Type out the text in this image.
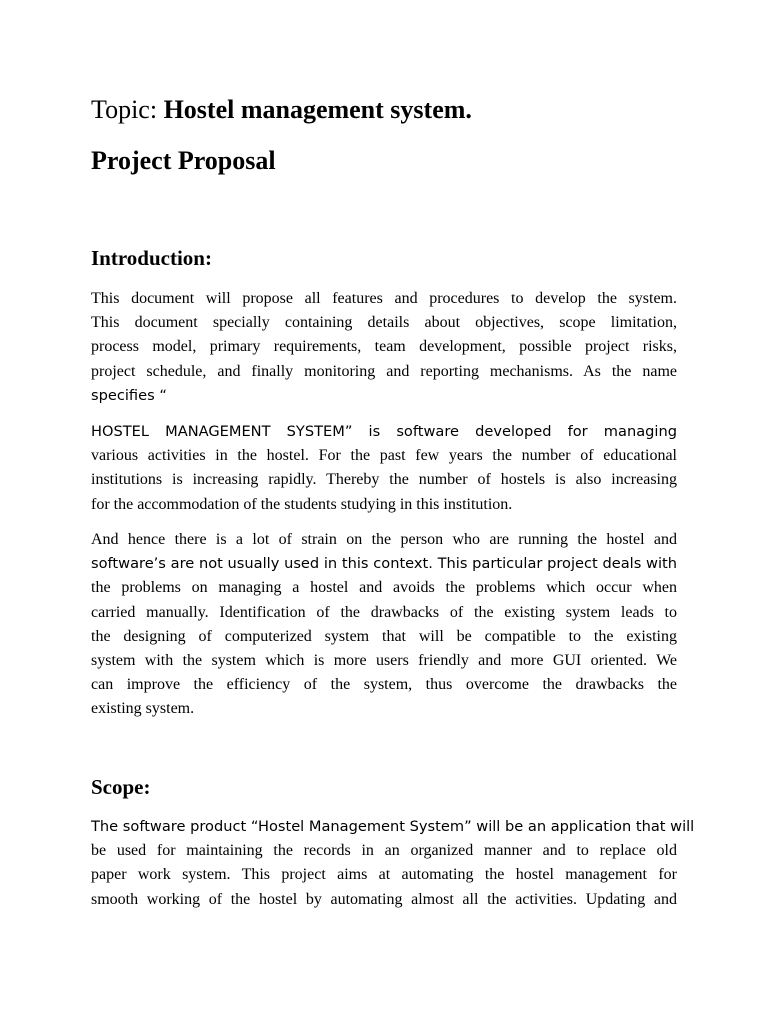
Topic: Hostel management system.
Project Proposal
Introduction:
This document will propose all features and procedures to develop the system.
This document specially containing details about objectives, scope limitation,
process model, primary requirements, team development, possible project risks,
project schedule, and finally monitoring and reporting mechanisms. As the name
specifies “
HOSTEL MANAGEMENT SYSTEM” is software developed for managing
various activities in the hostel. For the past few years the number of educational
institutions is increasing rapidly. Thereby the number of hostels is also increasing
for the accommodation of the students studying in this institution.
And hence there is a lot of strain on the person who are running the hostel and
software’s are not usually used in this context. This particular project deals with
the problems on managing a hostel and avoids the problems which occur when
carried manually. Identification of the drawbacks of the existing system leads to
the designing of computerized system that will be compatible to the existing
system with the system which is more users friendly and more GUI oriented. We
can improve the efficiency of the system, thus overcome the drawbacks the
existing system.
Scope:
The software product “Hostel Management System” will be an application that will
be used for maintaining the records in an organized manner and to replace old
paper work system. This project aims at automating the hostel management for
smooth working of the hostel by automating almost all the activities. Updating and
